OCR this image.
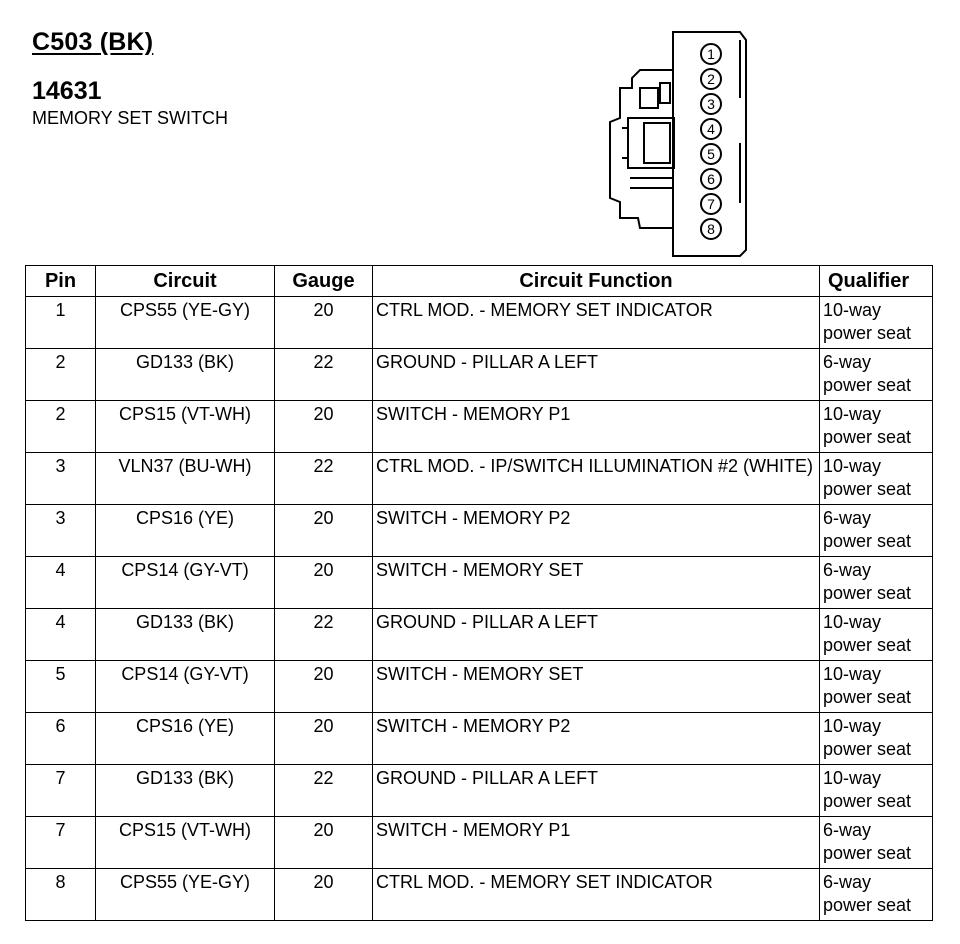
C503 (BK)
14631
MEMORY SET SWITCH
1
2
3
4
5
6
7
8
Pin	Circuit	Gauge	Circuit Function	Qualifier
1	CPS55 (YE-GY)	20	CTRL MOD. - MEMORY SET INDICATOR	10-way
power seat

2	GD133 (BK)	22	GROUND - PILLAR A LEFT	6-way
power seat

2	CPS15 (VT-WH)	20	SWITCH - MEMORY P1	10-way
power seat

3	VLN37 (BU-WH)	22	CTRL MOD. - IP/SWITCH ILLUMINATION #2 (WHITE)	10-way
power seat

3	CPS16 (YE)	20	SWITCH - MEMORY P2	6-way
power seat

4	CPS14 (GY-VT)	20	SWITCH - MEMORY SET	6-way
power seat

4	GD133 (BK)	22	GROUND - PILLAR A LEFT	10-way
power seat

5	CPS14 (GY-VT)	20	SWITCH - MEMORY SET	10-way
power seat

6	CPS16 (YE)	20	SWITCH - MEMORY P2	10-way
power seat

7	GD133 (BK)	22	GROUND - PILLAR A LEFT	10-way
power seat

7	CPS15 (VT-WH)	20	SWITCH - MEMORY P1	6-way
power seat

8	CPS55 (YE-GY)	20	CTRL MOD. - MEMORY SET INDICATOR	6-way
power seat
